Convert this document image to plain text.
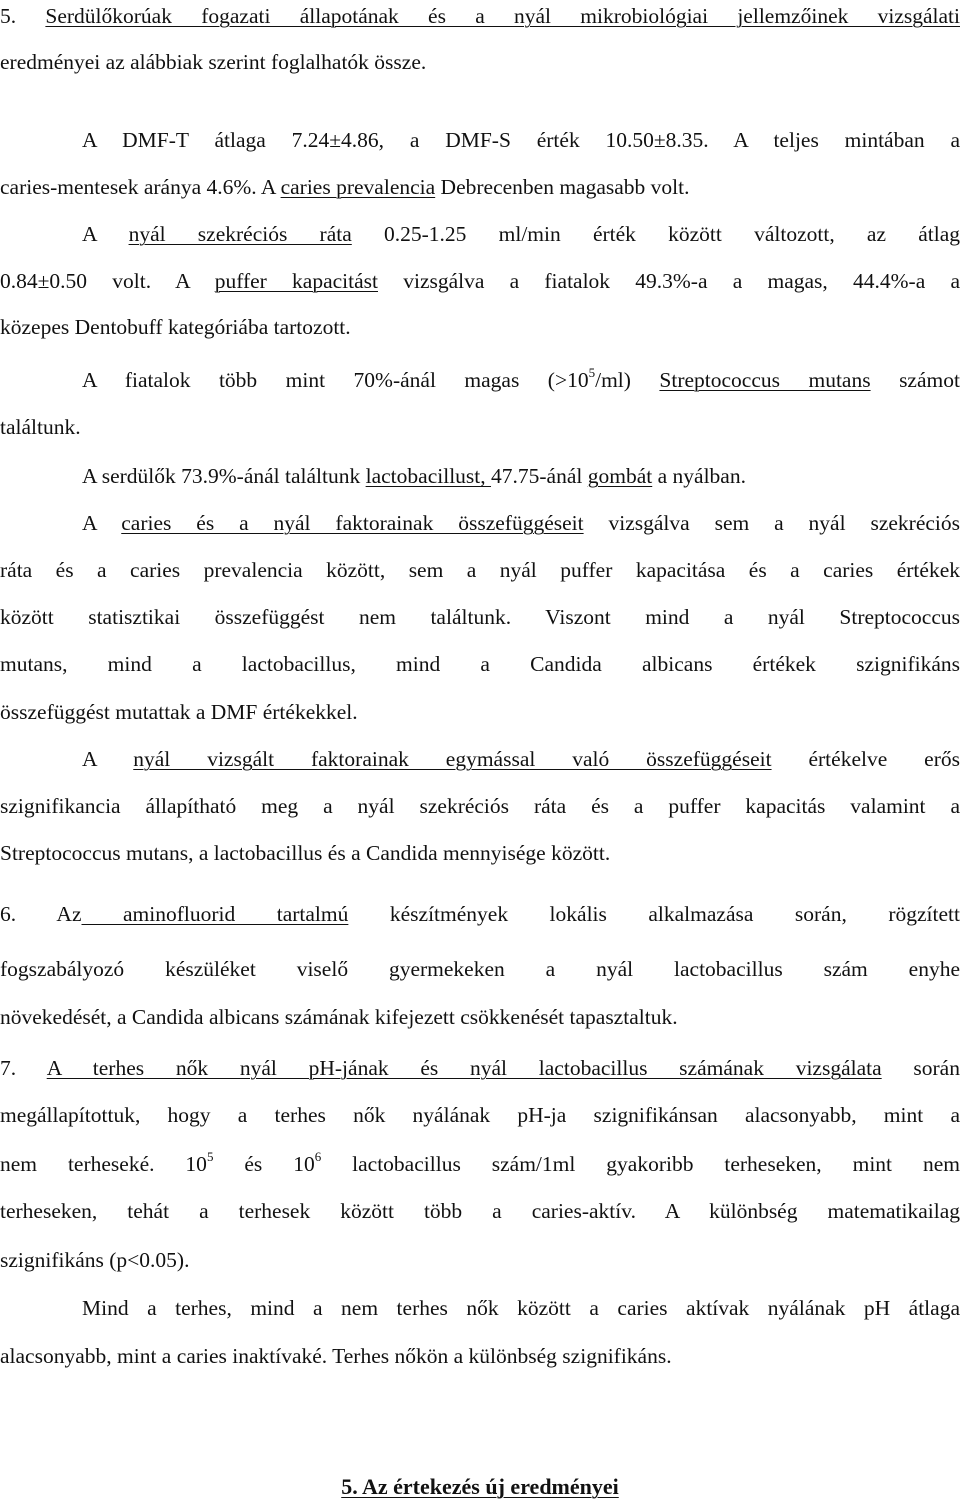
5. Serdülőkorúak fogazati állapotának és a nyál mikrobiológiai jellemzőinek vizsgálati
eredményei az alábbiak szerint foglalhatók össze.
A DMF-T átlaga 7.24±4.86, a DMF-S érték 10.50±8.35. A teljes mintában a
caries-mentesek aránya 4.6%. A caries prevalencia Debrecenben magasabb volt.
A nyál szekréciós ráta 0.25-1.25 ml/min érték között változott, az átlag
0.84±0.50 volt. A puffer kapacitást vizsgálva a fiatalok 49.3%-a a magas, 44.4%-a a
közepes Dentobuff kategóriába tartozott.
A fiatalok több mint 70%-ánál magas $(>10^5/ml)$ Streptococcus mutans számot
találtunk.
A serdülők 73.9%-ánál találtunk lactobacillust, 47.75-ánál gombát a nyálban.
A caries és a nyál faktorainak összefüggéseit vizsgálva sem a nyál szekréciós
ráta és a caries prevalencia között, sem a nyál puffer kapacitása és a caries értékek
között statisztikai összefüggést nem találtunk. Viszont mind a nyál Streptococcus
mutans, mind a lactobacillus, mind a Candida albicans értékek szignifikáns
összefüggést mutattak a DMF értékekkel.
A nyál vizsgált faktorainak egymással való összefüggéseit értékelve erős
szignifikancia állapítható meg a nyál szekréciós ráta és a puffer kapacitás valamint a
Streptococcus mutans, a lactobacillus és a Candida mennyisége között.
6. Az aminofluorid tartalmú készítmények lokális alkalmazása során, rögzített
fogszabályozó készüléket viselő gyermekeken a nyál lactobacillus szám enyhe
növekedését, a Candida albicans számának kifejezett csökkenését tapasztaltuk.
7. A terhes nők nyál pH-jának és nyál lactobacillus számának vizsgálata során
megállapítottuk, hogy a terhes nők nyálának pH-ja szignifikánsan alacsonyabb, mint a
nem terheseké. $10^5$ és $10^6$ lactobacillus szám/1ml gyakoribb terheseken, mint nem
terheseken, tehát a terhesek között több a caries-aktív. A különbség matematikailag
szignifikáns (p<0.05).
Mind a terhes, mind a nem terhes nők között a caries aktívak nyálának pH átlaga
alacsonyabb, mint a caries inaktívaké. Terhes nőkön a különbség szignifikáns.
5. Az értekezés új eredményei
